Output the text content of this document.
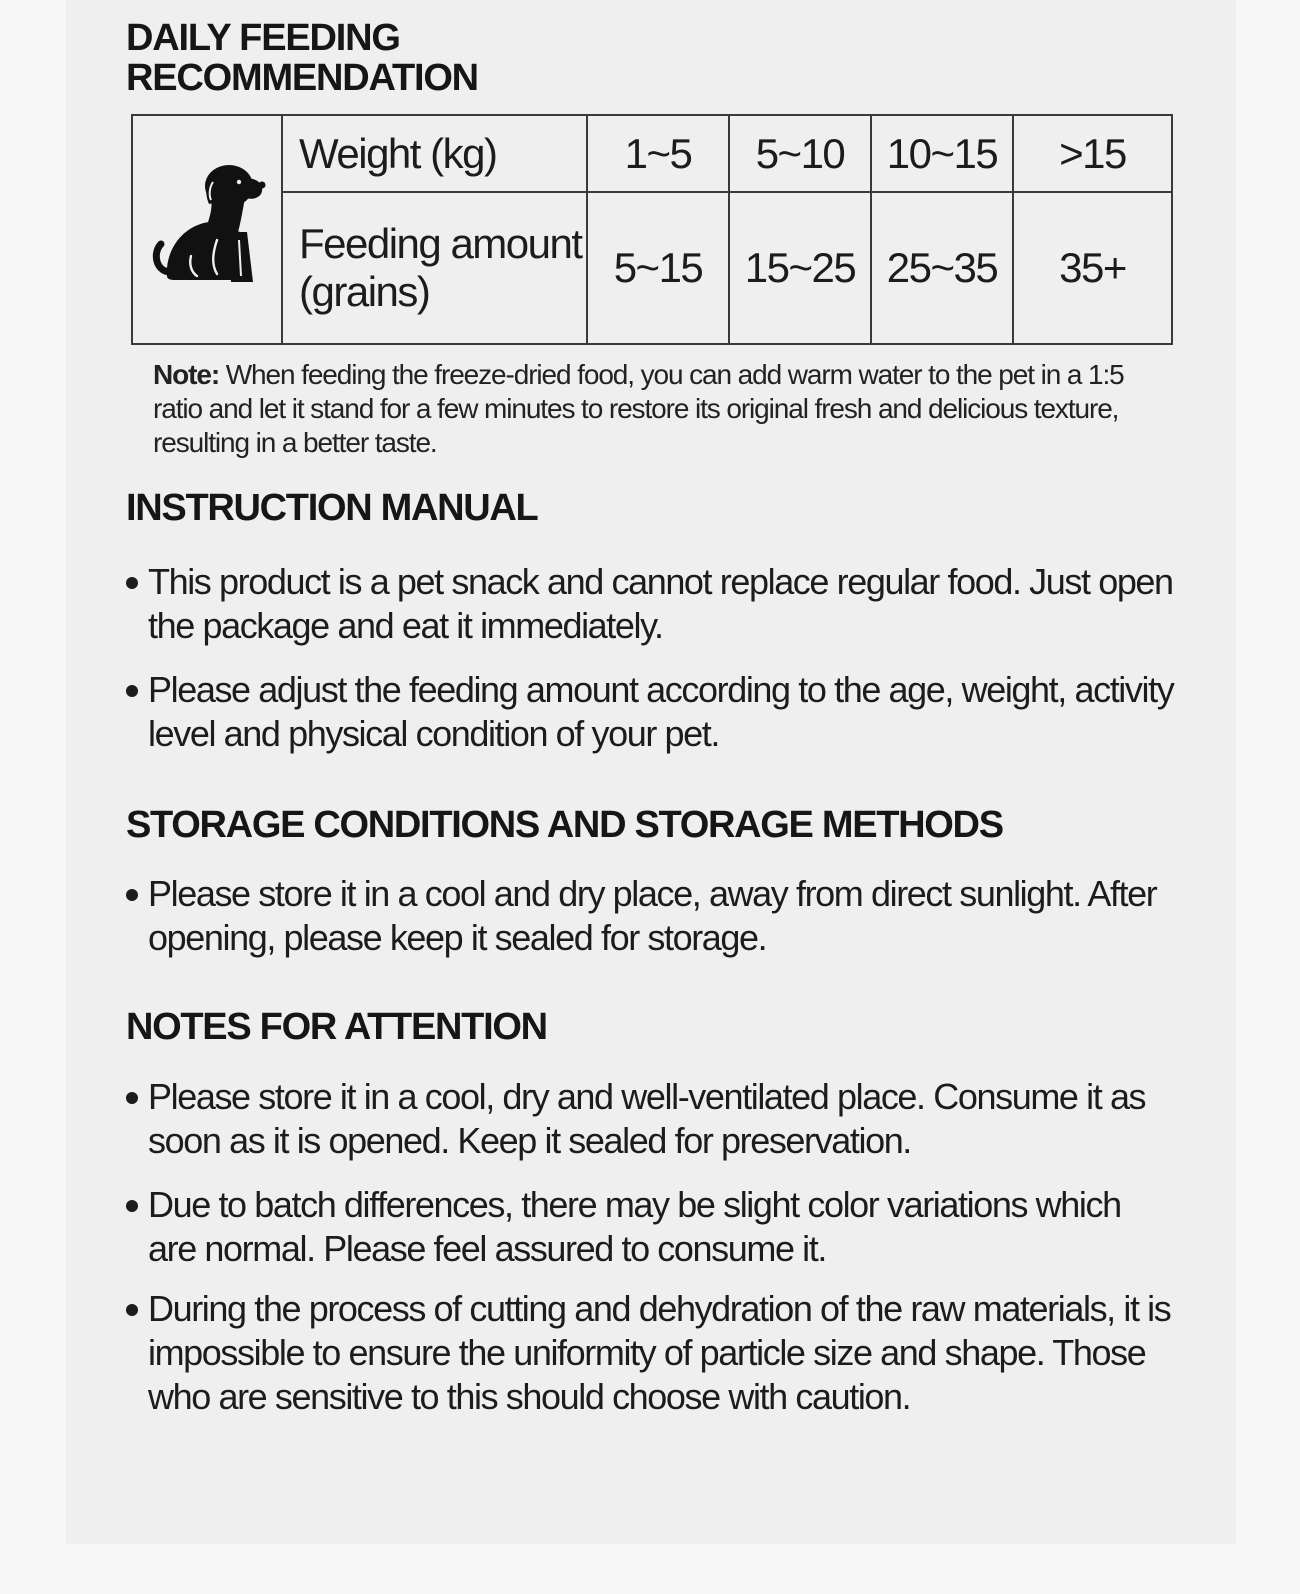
DAILY FEEDING
RECOMMENDATION
	Weight (kg)	1~5	5~10	10~15	>15

	Feeding amount
(grains)	5~15	15~25	25~35	35+

Note: When feeding the freeze-dried food, you can add warm water to the pet in a 1:5 ratio and let it stand for a few minutes to restore its original fresh and delicious texture, resulting in a better taste.

INSTRUCTION MANUAL
This product is a pet snack and cannot replace regular food. Just open the package and eat it immediately.
Please adjust the feeding amount according to the age, weight, activity level and physical condition of your pet.
STORAGE CONDITIONS AND STORAGE METHODS
Please store it in a cool and dry place, away from direct sunlight. After opening, please keep it sealed for storage.
NOTES FOR ATTENTION
Please store it in a cool, dry and well-ventilated place. Consume it as soon as it is opened. Keep it sealed for preservation.
Due to batch differences, there may be slight color variations which are normal. Please feel assured to consume it.
During the process of cutting and dehydration of the raw materials, it is impossible to ensure the uniformity of particle size and shape. Those who are sensitive to this should choose with caution.
